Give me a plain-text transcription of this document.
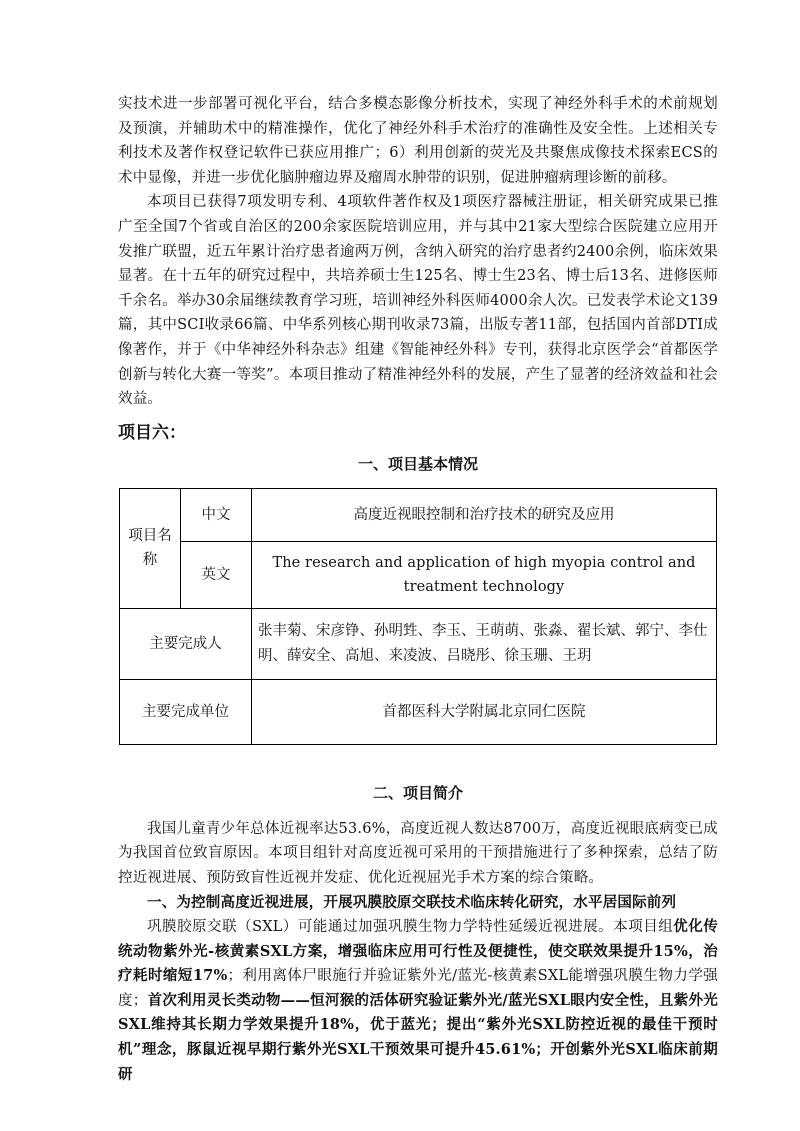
实技术进一步部署可视化平台，结合多模态影像分析技术，实现了神经外科手术的术前规划及预演，并辅助术中的精准操作，优化了神经外科手术治疗的准确性及安全性。上述相关专利技术及著作权登记软件已获应用推广；6）利用创新的荧光及共聚焦成像技术探索ECS的术中显像，并进一步优化脑肿瘤边界及瘤周水肿带的识别，促进肿瘤病理诊断的前移。

本项目已获得7项发明专利、4项软件著作权及1项医疗器械注册证，相关研究成果已推广至全国7个省或自治区的200余家医院培训应用，并与其中21家大型综合医院建立应用开发推广联盟，近五年累计治疗患者逾两万例，含纳入研究的治疗患者约2400余例，临床效果显著。在十五年的研究过程中，共培养硕士生125名、博士生23名、博士后13名、进修医师千余名。举办30余届继续教育学习班，培训神经外科医师4000余人次。已发表学术论文139篇，其中SCI收录66篇、中华系列核心期刊收录73篇，出版专著11部，包括国内首部DTI成像著作，并于《中华神经外科杂志》组建《智能神经外科》专刊，获得北京医学会“首都医学创新与转化大赛一等奖”。本项目推动了精准神经外科的发展，产生了显著的经济效益和社会效益。

项目六：
一、项目基本情况
项目名称	中文	高度近视眼控制和治疗技术的研究及应用
	英文	The research and application of high myopia control and treatment technology
主要完成人		张丰菊、宋彦铮、孙明甡、李玉、王萌萌、张淼、翟长斌、郭宁、李仕明、薛安全、高旭、来凌波、吕晓彤、徐玉珊、王玥
主要完成单位		首都医科大学附属北京同仁医院
二、项目简介

我国儿童青少年总体近视率达53.6%，高度近视人数达8700万，高度近视眼底病变已成为我国首位致盲原因。本项目组针对高度近视可采用的干预措施进行了多种探索，总结了防控近视进展、预防致盲性近视并发症、优化近视屈光手术方案的综合策略。

一、为控制高度近视进展，开展巩膜胶原交联技术临床转化研究，水平居国际前列

巩膜胶原交联（SXL）可能通过加强巩膜生物力学特性延缓近视进展。本项目组优化传统动物紫外光-核黄素SXL方案，增强临床应用可行性及便捷性，使交联效果提升15%，治疗耗时缩短17%；利用离体尸眼施行并验证紫外光/蓝光-核黄素SXL能增强巩膜生物力学强度；首次利用灵长类动物——恒河猴的活体研究验证紫外光/蓝光SXL眼内安全性，且紫外光SXL维持其长期力学效果提升18%，优于蓝光；提出“紫外光SXL防控近视的最佳干预时机”理念，豚鼠近视早期行紫外光SXL干预效果可提升45.61%；开创紫外光SXL临床前期研
